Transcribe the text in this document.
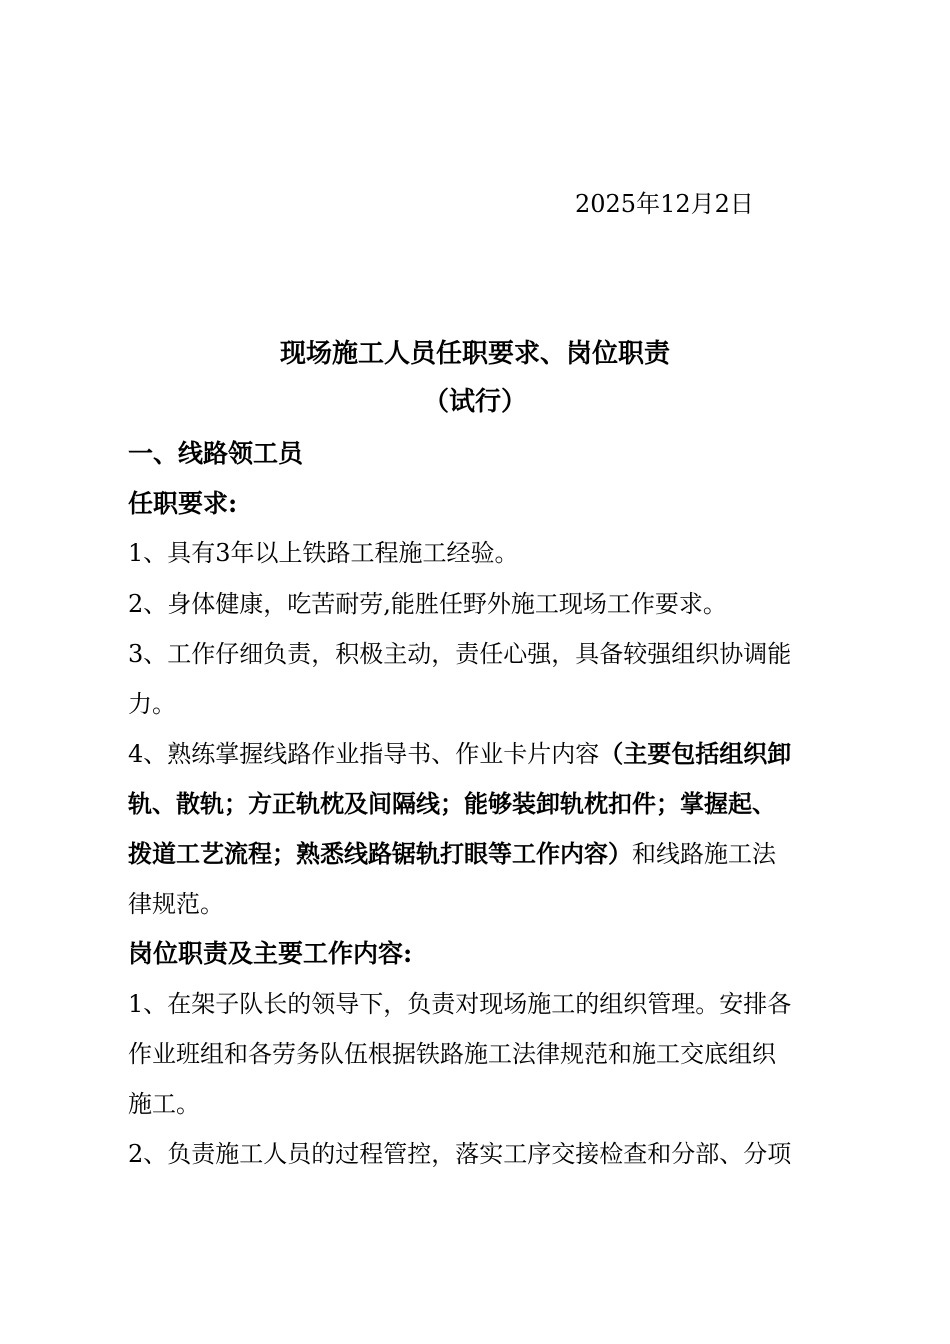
2025年12月2日
现场施工人员任职要求、岗位职责
（试行）
一、线路领工员
任职要求:
1、具有3年以上铁路工程施工经验。
2、身体健康，吃苦耐劳,能胜任野外施工现场工作要求。
3、工作仔细负责，积极主动，责任心强，具备较强组织协调能
力。
4、熟练掌握线路作业指导书、作业卡片内容（主要包括组织卸
轨、散轨；方正轨枕及间隔线；能够装卸轨枕扣件；掌握起、
拨道工艺流程；熟悉线路锯轨打眼等工作内容）和线路施工法
律规范。
岗位职责及主要工作内容:
1、在架子队长的领导下，负责对现场施工的组织管理。安排各
作业班组和各劳务队伍根据铁路施工法律规范和施工交底组织
施工。
2、负责施工人员的过程管控，落实工序交接检查和分部、分项
